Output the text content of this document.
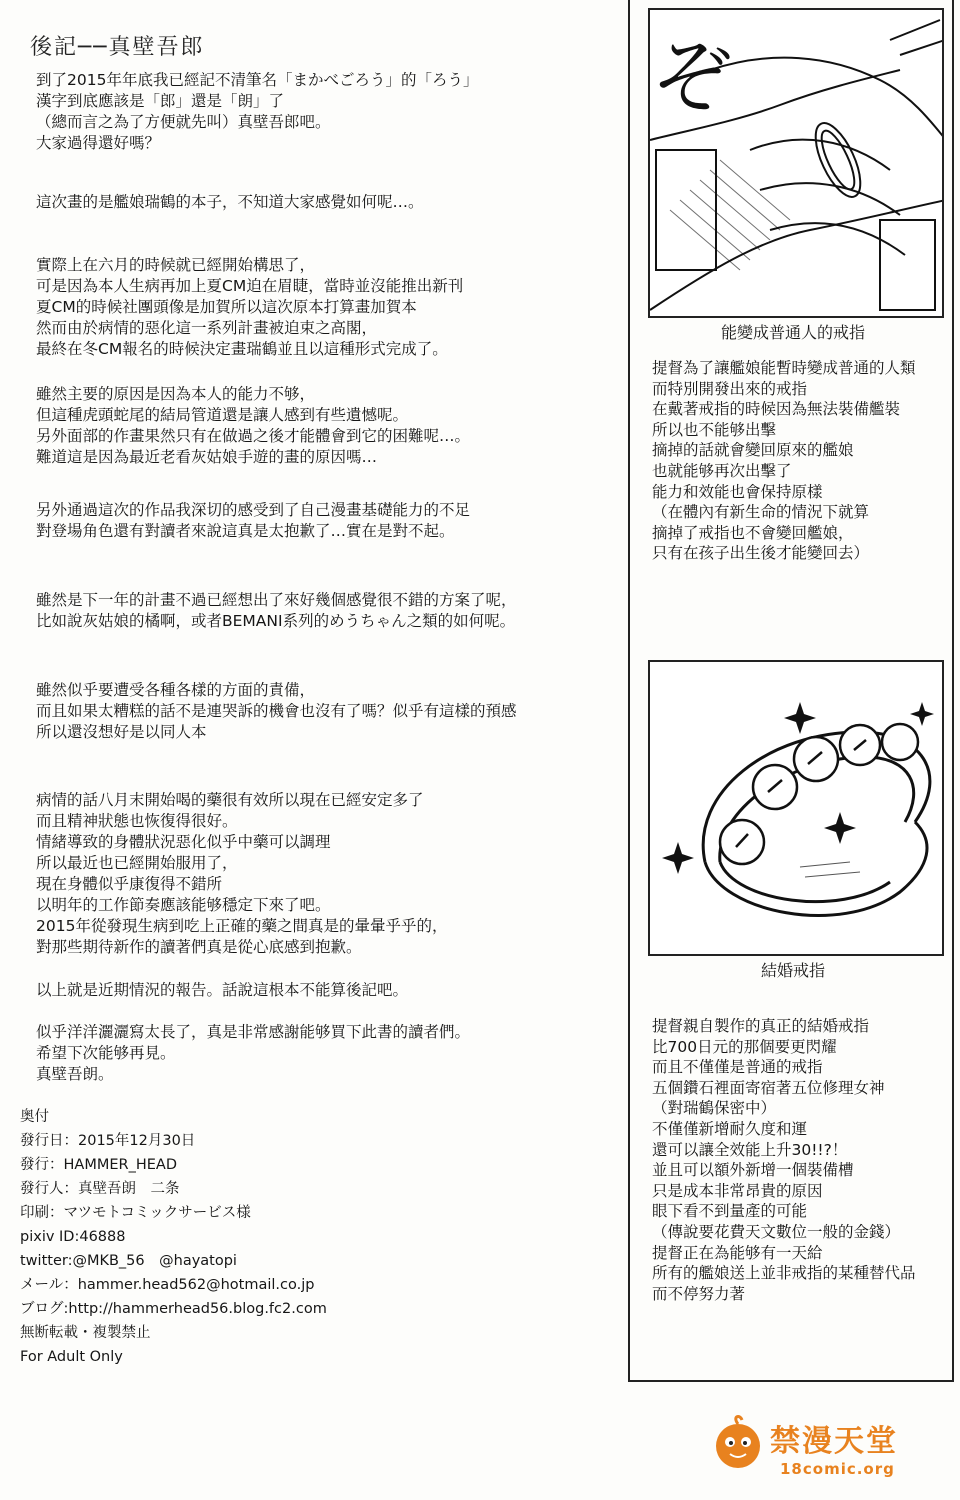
後記──真壁吾郎
到了2015年年底我已經記不清筆名「まかべごろう」的「ろう」
漢字到底應該是「郎」還是「朗」了
（總而言之為了方便就先叫）真壁吾郎吧。
大家過得還好嗎？
這次畫的是艦娘瑞鶴的本子，不知道大家感覺如何呢…。
實際上在六月的時候就已經開始構思了，
可是因為本人生病再加上夏CM迫在眉睫，當時並沒能推出新刊
夏CM的時候社團頭像是加賀所以這次原本打算畫加賀本
然而由於病情的惡化這一系列計畫被迫束之高閣，
最終在冬CM報名的時候決定畫瑞鶴並且以這種形式完成了。
雖然主要的原因是因為本人的能力不够，
但這種虎頭蛇尾的結局管道還是讓人感到有些遺憾呢。
另外面部的作畫果然只有在做過之後才能體會到它的困難呢…。
難道這是因為最近老看灰姑娘手遊的畫的原因嗎…
另外通過這次的作品我深切的感受到了自己漫畫基礎能力的不足
對登場角色還有對讀者來說這真是太抱歉了…實在是對不起。
雖然是下一年的計畫不過已經想出了來好幾個感覺很不錯的方案了呢，
比如說灰姑娘的橘啊，或者BEMANI系列的めうちゃん之類的如何呢。
雖然似乎要遭受各種各樣的方面的責備，
而且如果太糟糕的話不是連哭訴的機會也沒有了嗎？似乎有這樣的預感
所以還沒想好是以同人本
病情的話八月末開始喝的藥很有效所以現在已經安定多了
而且精神狀態也恢復得很好。
情緒導致的身體狀況惡化似乎中藥可以調理
所以最近也已經開始服用了，
現在身體似乎康復得不錯所
以明年的工作節奏應該能够穩定下來了吧。
2015年從發現生病到吃上正確的藥之間真是的暈暈乎乎的，
對那些期待新作的讀著們真是從心底感到抱歉。
以上就是近期情況的報告。話說這根本不能算後記吧。
似乎洋洋灑灑寫太長了，真是非常感謝能够買下此書的讀者們。
希望下次能够再見。
真壁吾朗。
奥付
發行日：2015年12月30日
發行：HAMMER_HEAD
發行人：真壁吾朗　二条
印刷：マツモトコミックサービス様
pixiv ID:46888
twitter:@MKB_56　@hayatopi
メール：hammer.head562@hotmail.co.jp
ブログ:http://hammerhead56.blog.fc2.com
無断転載・複製禁止
For Adult Only
ぞ
能變成普通人的戒指
提督為了讓艦娘能暫時變成普通的人類
而特別開發出來的戒指
在戴著戒指的時候因為無法裝備艦裝
所以也不能够出擊
摘掉的話就會變回原來的艦娘
也就能够再次出擊了
能力和效能也會保持原樣
（在體內有新生命的情況下就算
摘掉了戒指也不會變回艦娘，
只有在孩子出生後才能變回去）
結婚戒指
提督親自製作的真正的結婚戒指
比700日元的那個要更閃耀
而且不僅僅是普通的戒指
五個鑽石裡面寄宿著五位修理女神
（對瑞鶴保密中）
不僅僅新增耐久度和運
還可以讓全效能上升30!!?！
並且可以額外新增一個裝備槽
只是成本非常昂貴的原因
眼下看不到量產的可能
（傳說要花費天文數位一般的金錢）
提督正在為能够有一天給
所有的艦娘送上並非戒指的某種替代品
而不停努力著
禁漫天堂
18comic.org
